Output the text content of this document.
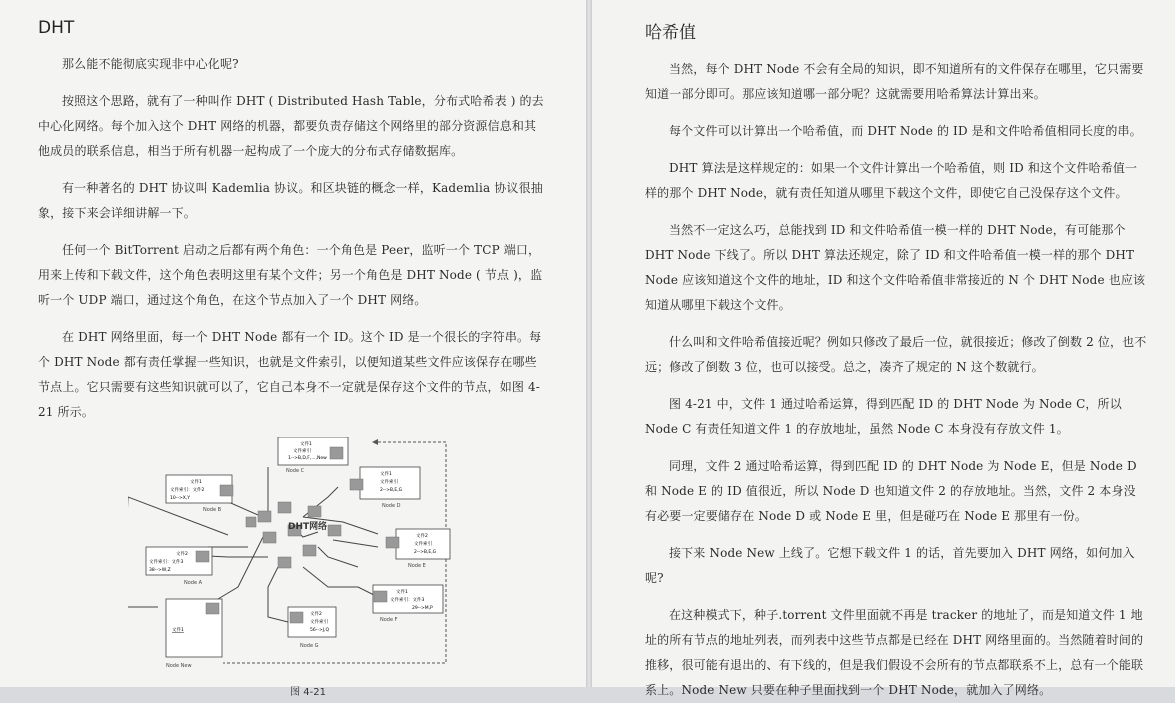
DHT

那么能不能彻底实现非中心化呢?

按照这个思路，就有了一种叫作 DHT ( Distributed Hash Table，分布式哈希表 ) 的去中心化网络。每个加入这个 DHT 网络的机器，都要负责存储这个网络里的部分资源信息和其他成员的联系信息，相当于所有机器一起构成了一个庞大的分布式存储数据库。

有一种著名的 DHT 协议叫 Kademlia 协议。和区块链的概念一样，Kademlia 协议很抽象，接下来会详细讲解一下。

任何一个 BitTorrent 启动之后都有两个角色：一个角色是 Peer，监听一个 TCP 端口，用来上传和下载文件，这个角色表明这里有某个文件；另一个角色是 DHT Node ( 节点 )，监听一个 UDP 端口，通过这个角色，在这个节点加入了一个 DHT 网络。

在 DHT 网络里面，每一个 DHT Node 都有一个 ID。这个 ID 是一个很长的字符串。每个 DHT Node 都有责任掌握一些知识，也就是文件索引，以便知道某些文件应该保存在哪些节点上。它只需要有这些知识就可以了，它自己本身不一定就是保存这个文件的节点，如图 4-21 所示。

DHT网络
文件1
文件索引
1-->B,D,F,...,New
Node C
文件1
文件索引：文件2
10-->X,Y
Node B
文件1
文件索引
2-->B,E,G
Node D
文件2
文件索引
2-->B,E,G
Node E
文件2
文件索引：文件3
38-->W,Z
Node A
文件1
文件索引：文件3
29-->M,P
Node F
文件2
文件索引
56-->J,Q
Node G
文件1
Node New
图 4-21
哈希值

当然，每个 DHT Node 不会有全局的知识，即不知道所有的文件保存在哪里，它只需要知道一部分即可。那应该知道哪一部分呢？这就需要用哈希算法计算出来。

每个文件可以计算出一个哈希值，而 DHT Node 的 ID 是和文件哈希值相同长度的串。

DHT 算法是这样规定的：如果一个文件计算出一个哈希值，则 ID 和这个文件哈希值一样的那个 DHT Node，就有责任知道从哪里下载这个文件，即使它自己没保存这个文件。

当然不一定这么巧，总能找到 ID 和文件哈希值一模一样的 DHT Node，有可能那个 DHT Node 下线了。所以 DHT 算法还规定，除了 ID 和文件哈希值一模一样的那个 DHT Node 应该知道这个文件的地址，ID 和这个文件哈希值非常接近的 N 个 DHT Node 也应该知道从哪里下载这个文件。

什么叫和文件哈希值接近呢？例如只修改了最后一位，就很接近；修改了倒数 2 位，也不远；修改了倒数 3 位，也可以接受。总之，凑齐了规定的 N 这个数就行。

图 4-21 中，文件 1 通过哈希运算，得到匹配 ID 的 DHT Node 为 Node C，所以 Node C 有责任知道文件 1 的存放地址，虽然 Node C 本身没有存放文件 1。

同理，文件 2 通过哈希运算，得到匹配 ID 的 DHT Node 为 Node E，但是 Node D 和 Node E 的 ID 值很近，所以 Node D 也知道文件 2 的存放地址。当然，文件 2 本身没有必要一定要储存在 Node D 或 Node E 里，但是碰巧在 Node E 那里有一份。

接下来 Node New 上线了。它想下载文件 1 的话，首先要加入 DHT 网络，如何加入呢?

在这种模式下，种子.torrent 文件里面就不再是 tracker 的地址了，而是知道文件 1 地址的所有节点的地址列表，而列表中这些节点都是已经在 DHT 网络里面的。当然随着时间的推移，很可能有退出的、有下线的，但是我们假设不会所有的节点都联系不上，总有一个能联系上。Node New 只要在种子里面找到一个 DHT Node，就加入了网络。
